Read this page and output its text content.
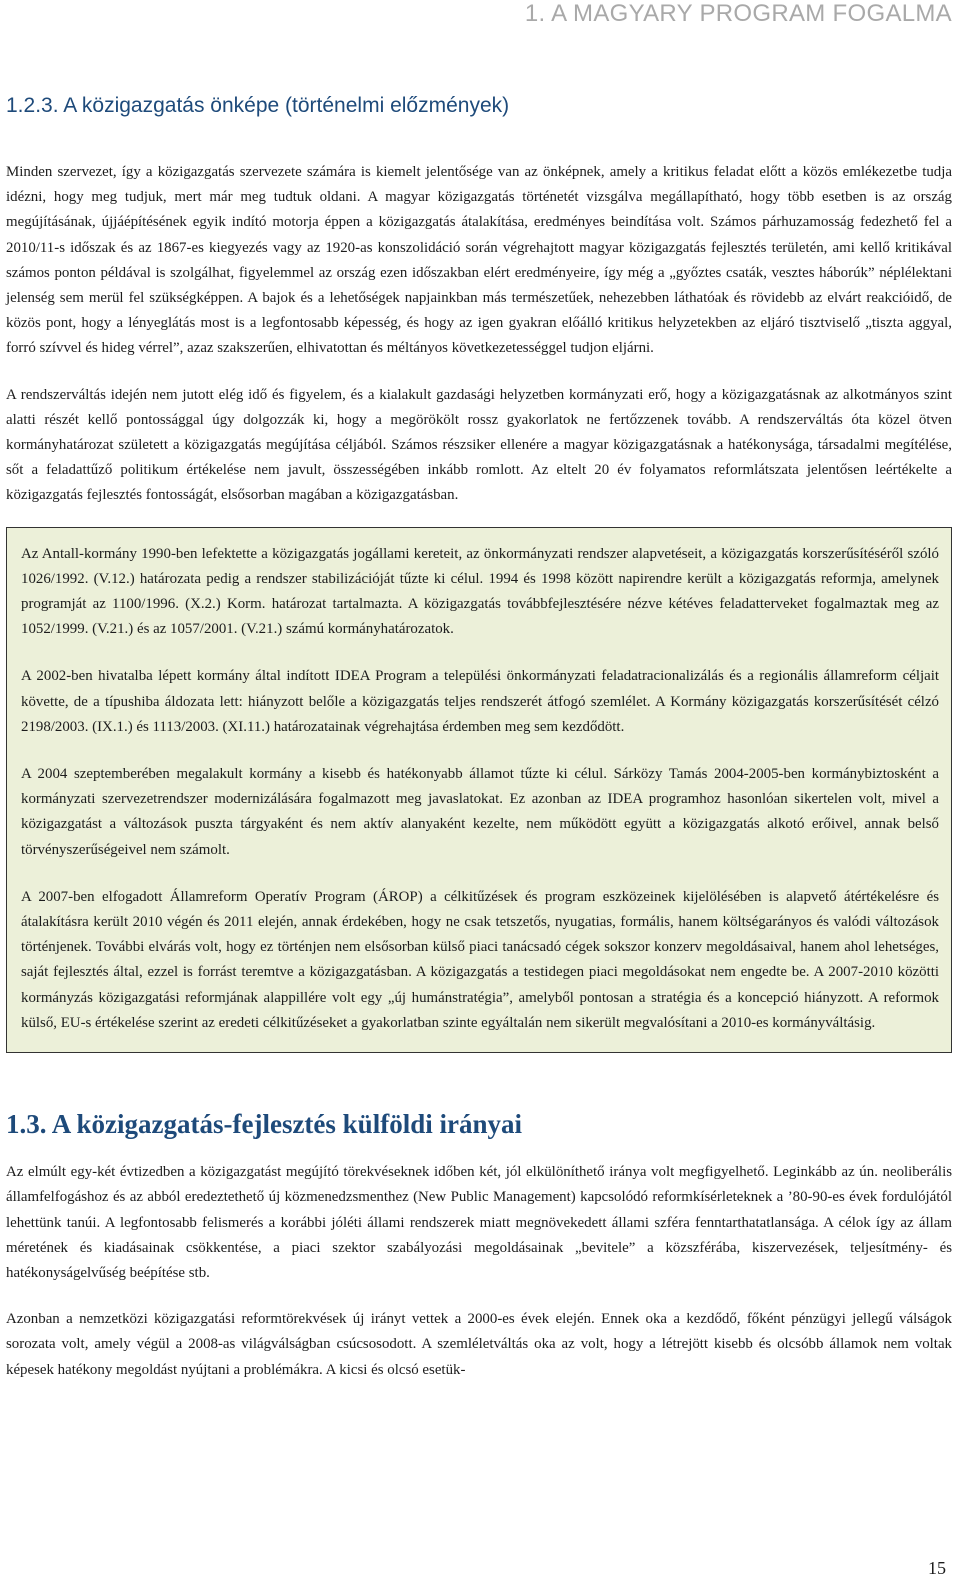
1. A MAGYARY PROGRAM FOGALMA
1.2.3. A közigazgatás önképe (történelmi előzmények)

Minden szervezet, így a közigazgatás szervezete számára is kiemelt jelentősége van az önképnek, amely a kritikus feladat előtt a közös emlékezetbe tudja idézni, hogy meg tudjuk, mert már meg tudtuk oldani. A magyar közigazgatás történetét vizsgálva megállapítható, hogy több esetben is az ország megújításának, újjáépítésének egyik indító motorja éppen a közigazgatás átalakítása, eredményes beindítása volt. Számos párhuzamosság fedezhető fel a 2010/11-s időszak és az 1867-es kiegyezés vagy az 1920-as konszolidáció során végrehajtott magyar közigazgatás fejlesztés területén, ami kellő kritikával számos ponton példával is szolgálhat, figyelemmel az ország ezen időszakban elért eredményeire, így még a „győztes csaták, vesztes háborúk” néplélektani jelenség sem merül fel szükségképpen. A bajok és a lehetőségek napjainkban más természetűek, nehezebben láthatóak és rövidebb az elvárt reakcióidő, de közös pont, hogy a lényeglátás most is a legfontosabb képesség, és hogy az igen gyakran előálló kritikus helyzetekben az eljáró tisztviselő „tiszta aggyal, forró szívvel és hideg vérrel”, azaz szakszerűen, elhivatottan és méltányos következetességgel tudjon eljárni.

A rendszerváltás idején nem jutott elég idő és figyelem, és a kialakult gazdasági helyzetben kormányzati erő, hogy a közigazgatásnak az alkotmányos szint alatti részét kellő pontossággal úgy dolgozzák ki, hogy a megörökölt rossz gyakorlatok ne fertőzzenek tovább. A rendszerváltás óta közel ötven kormányhatározat született a közigazgatás megújítása céljából. Számos részsiker ellenére a magyar közigazgatásnak a hatékonysága, társadalmi megítélése, sőt a feladattűző politikum értékelése nem javult, összességében inkább romlott. Az eltelt 20 év folyamatos reformlátszata jelentősen leértékelte a közigazgatás fejlesztés fontosságát, elsősorban magában a közigazgatásban.

Az Antall-kormány 1990-ben lefektette a közigazgatás jogállami kereteit, az önkormányzati rendszer alapvetéseit, a közigazgatás korszerűsítéséről szóló 1026/1992. (V.12.) határozata pedig a rendszer stabilizációját tűzte ki célul. 1994 és 1998 között napirendre került a közigazgatás reformja, amelynek programját az 1100/1996. (X.2.) Korm. határozat tartalmazta. A közigazgatás továbbfejlesztésére nézve kétéves feladatterveket fogalmaztak meg az 1052/1999. (V.21.) és az 1057/2001. (V.21.) számú kormányhatározatok.

A 2002-ben hivatalba lépett kormány által indított IDEA Program a települési önkormányzati feladatracionalizálás és a regionális államreform céljait követte, de a típushiba áldozata lett: hiányzott belőle a közigazgatás teljes rendszerét átfogó szemlélet. A Kormány közigazgatás korszerűsítését célzó 2198/2003. (IX.1.) és 1113/2003. (XI.11.) határozatainak végrehajtása érdemben meg sem kezdődött.

A 2004 szeptemberében megalakult kormány a kisebb és hatékonyabb államot tűzte ki célul. Sárközy Tamás 2004-2005-ben kormánybiztosként a kormányzati szervezetrendszer modernizálására fogalmazott meg javaslatokat. Ez azonban az IDEA programhoz hasonlóan sikertelen volt, mivel a közigazgatást a változások puszta tárgyaként és nem aktív alanyaként kezelte, nem működött együtt a közigazgatás alkotó erőivel, annak belső törvényszerűségeivel nem számolt.

A 2007-ben elfogadott Államreform Operatív Program (ÁROP) a célkitűzések és program eszközeinek kijelölésében is alapvető átértékelésre és átalakításra került 2010 végén és 2011 elején, annak érdekében, hogy ne csak tetszetős, nyugatias, formális, hanem költségarányos és valódi változások történjenek. További elvárás volt, hogy ez történjen nem elsősorban külső piaci tanácsadó cégek sokszor konzerv megoldásaival, hanem ahol lehetséges, saját fejlesztés által, ezzel is forrást teremtve a közigazgatásban. A közigazgatás a testidegen piaci megoldásokat nem engedte be. A 2007-2010 közötti kormányzás közigazgatási reformjának alappillére volt egy „új humánstratégia”, amelyből pontosan a stratégia és a koncepció hiányzott. A reformok külső, EU-s értékelése szerint az eredeti célkitűzéseket a gyakorlatban szinte egyáltalán nem sikerült megvalósítani a 2010-es kormányváltásig.

1.3. A közigazgatás-fejlesztés külföldi irányai

Az elmúlt egy-két évtizedben a közigazgatást megújító törekvéseknek időben két, jól elkülöníthető iránya volt megfigyelhető. Leginkább az ún. neoliberális államfelfogáshoz és az abból eredeztethető új közmenedzsmenthez (New Public Management) kapcsolódó reformkísérleteknek a ’80-90-es évek fordulójától lehettünk tanúi. A legfontosabb felismerés a korábbi jóléti állami rendszerek miatt megnövekedett állami szféra fenntarthatatlansága. A célok így az állam méretének és kiadásainak csökkentése, a piaci szektor szabályozási megoldásainak „bevitele” a közszférába, kiszervezések, teljesítmény- és hatékonyságelvűség beépítése stb.

Azonban a nemzetközi közigazgatási reformtörekvések új irányt vettek a 2000-es évek elején. Ennek oka a kezdődő, főként pénzügyi jellegű válságok sorozata volt, amely végül a 2008-as világválságban csúcsosodott. A szemléletváltás oka az volt, hogy a létrejött kisebb és olcsóbb államok nem voltak képesek hatékony megoldást nyújtani a problémákra. A kicsi és olcsó esetük-

15
